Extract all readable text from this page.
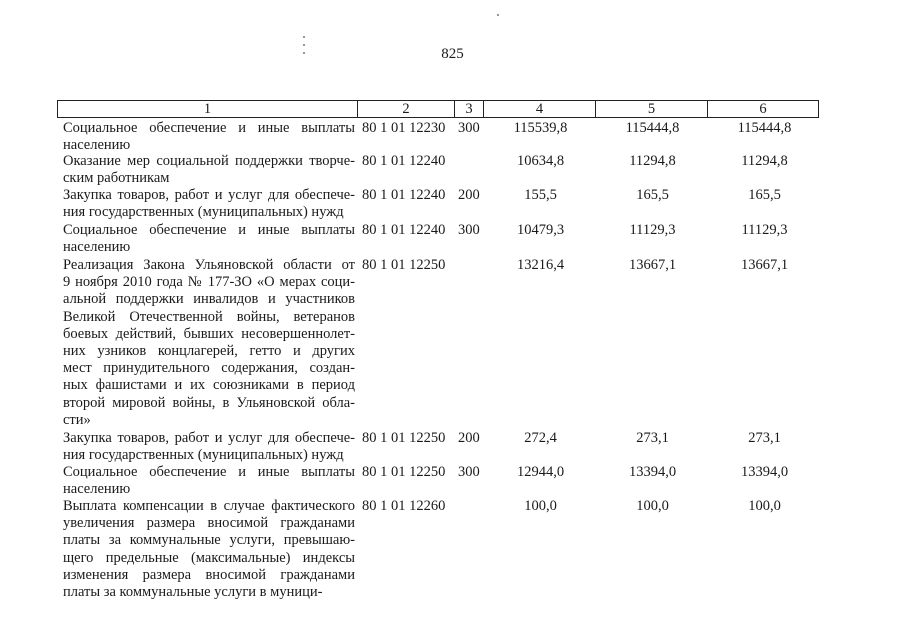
825
1	2	3	4	5	6
Социальное обеспечение и иные выплаты
населению
80 1 01 12230 300	115539,8	115444,8	115444,8
Оказание мер социальной поддержки творче-
ским работникам
80 1 01 12240	10634,8	11294,8	11294,8
Закупка товаров, работ и услуг для обеспече-
ния государственных (муниципальных) нужд
80 1 01 12240 200	155,5	165,5	165,5
Социальное обеспечение и иные выплаты
населению
80 1 01 12240 300	10479,3	11129,3	11129,3
Реализация Закона Ульяновской области от
9 ноября 2010 года № 177-ЗО «О мерах соци-
альной поддержки инвалидов и участников
Великой Отечественной войны, ветеранов
боевых действий, бывших несовершеннолет-
них узников концлагерей, гетто и других
мест принудительного содержания, создан-
ных фашистами и их союзниками в период
второй мировой войны, в Ульяновской обла-
сти»
80 1 01 12250	13216,4	13667,1	13667,1
Закупка товаров, работ и услуг для обеспече-
ния государственных (муниципальных) нужд
80 1 01 12250 200	272,4	273,1	273,1
Социальное обеспечение и иные выплаты
населению
80 1 01 12250 300	12944,0	13394,0	13394,0
Выплата компенсации в случае фактического
увеличения размера вносимой гражданами
платы за коммунальные услуги, превышаю-
щего предельные (максимальные) индексы
изменения размера вносимой гражданами
платы за коммунальные услуги в муници-
80 1 01 12260	100,0	100,0	100,0
